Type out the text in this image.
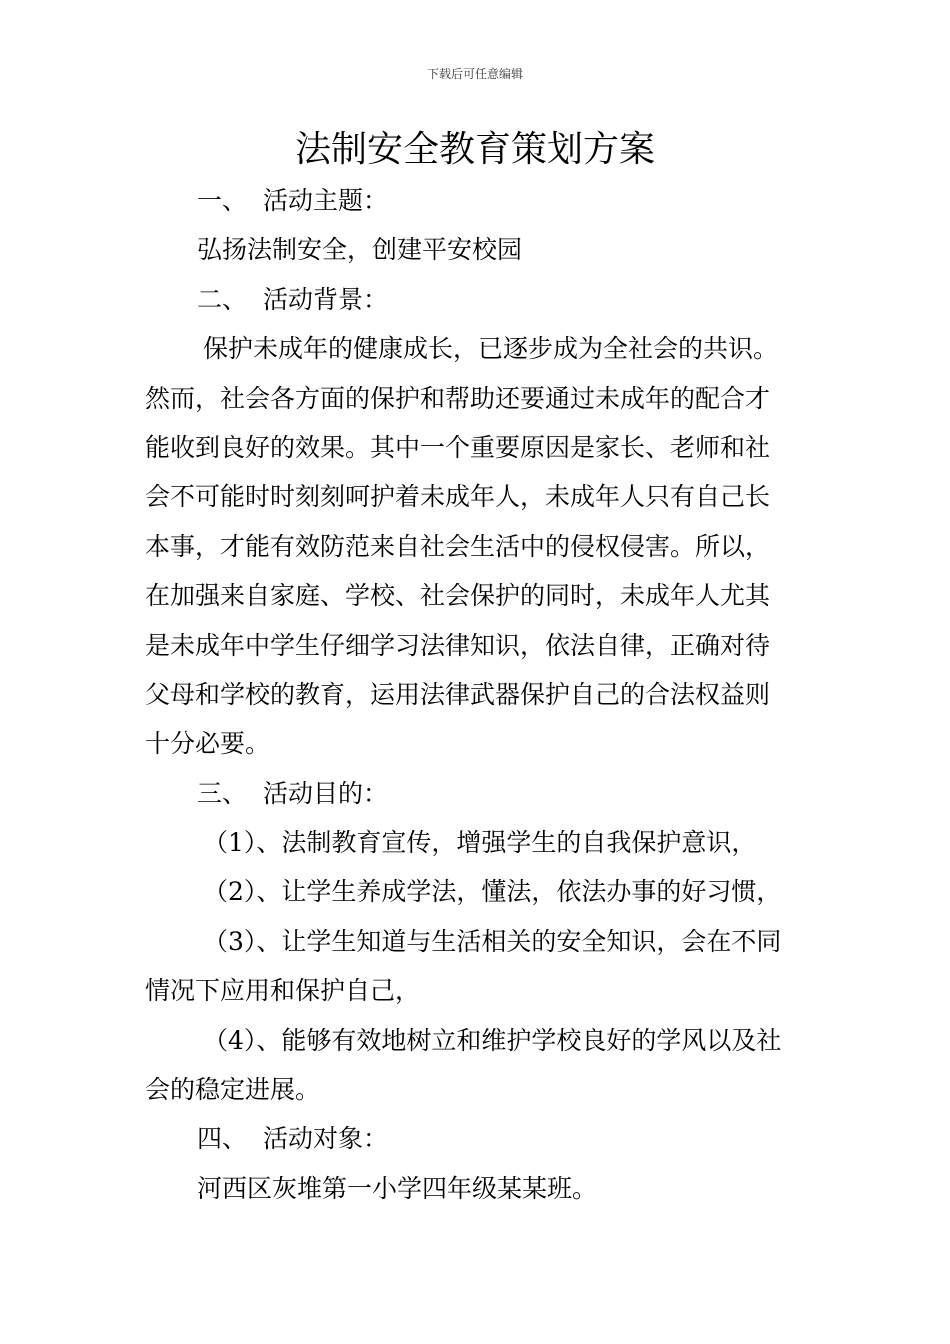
下载后可任意编辑
法制安全教育策划方案

一、 活动主题：

弘扬法制安全，创建平安校园

二、 活动背景：

保护未成年的健康成长，已逐步成为全社会的共识。

然而，社会各方面的保护和帮助还要通过未成年的配合才

能收到良好的效果。其中一个重要原因是家长、老师和社

会不可能时时刻刻呵护着未成年人，未成年人只有自己长

本事，才能有效防范来自社会生活中的侵权侵害。所以，

在加强来自家庭、学校、社会保护的同时，未成年人尤其

是未成年中学生仔细学习法律知识，依法自律，正确对待

父母和学校的教育，运用法律武器保护自己的合法权益则

十分必要。

三、 活动目的：

（1）、法制教育宣传，增强学生的自我保护意识，

（2）、让学生养成学法，懂法，依法办事的好习惯，

（3）、让学生知道与生活相关的安全知识，会在不同

情况下应用和保护自己，

（4）、能够有效地树立和维护学校良好的学风以及社

会的稳定进展。

四、 活动对象：

河西区灰堆第一小学四年级某某班。
